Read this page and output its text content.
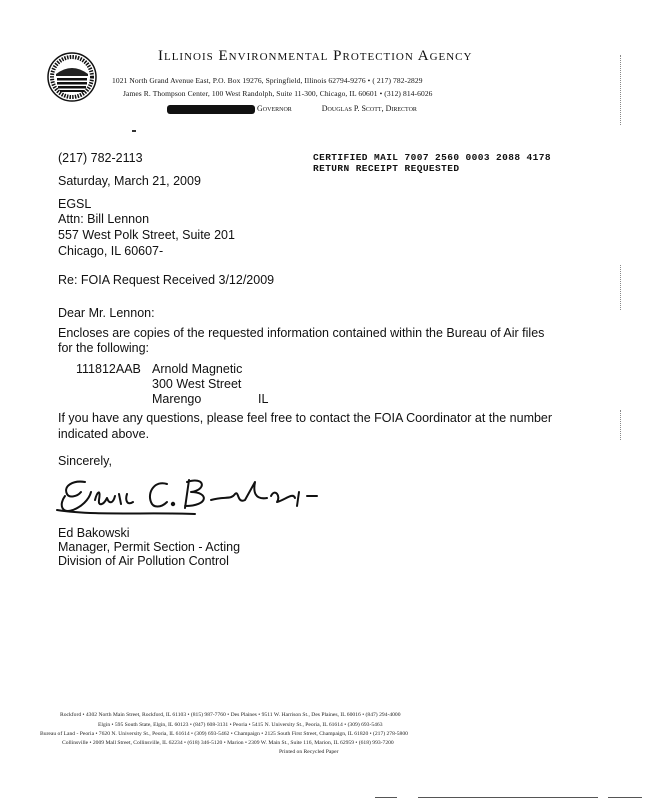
Illinois Environmental Protection Agency
1021 North Grand Avenue East, P.O. Box 19276, Springfield, Illinois 62794-9276 • ( 217) 782-2829
James R. Thompson Center, 100 West Randolph, Suite 11-300, Chicago, IL 60601 • (312) 814-6026
Governor	Douglas P. Scott, Director
(217) 782-2113	CERTIFIED MAIL 7007 2560 0003 2088 4178
RETURN RECEIPT REQUESTED
Saturday, March 21, 2009
EGSL
Attn: Bill Lennon
557 West Polk Street, Suite 201
Chicago, IL 60607-
Re: FOIA Request Received 3/12/2009
Dear Mr. Lennon:
Encloses are copies of the requested information contained within the Bureau of Air files
for the following:
111812AAB Arnold Magnetic
300 West Street
Marengo	IL
If you have any questions, please feel free to contact the FOIA Coordinator at the number
indicated above.
Sincerely,
Edwin C. Bakowski
Ed Bakowski
Manager, Permit Section - Acting
Division of Air Pollution Control
Rockford • 4302 North Main Street, Rockford, IL 61103 • (815) 987-7760 • Des Plaines • 9511 W. Harrison St., Des Plaines, IL 60016 • (847) 294-4000
Elgin • 595 South State, Elgin, IL 60123 • (847) 608-3131 • Peoria • 5415 N. University St., Peoria, IL 61614 • (309) 693-5463
Bureau of Land - Peoria • 7620 N. University St., Peoria, IL 61614 • (309) 693-5462 • Champaign • 2125 South First Street, Champaign, IL 61820 • (217) 278-5800
Collinsville • 2009 Mall Street, Collinsville, IL 62234 • (618) 346-5120 • Marion • 2309 W. Main St., Suite 116, Marion, IL 62959 • (618) 993-7200
Printed on Recycled Paper
